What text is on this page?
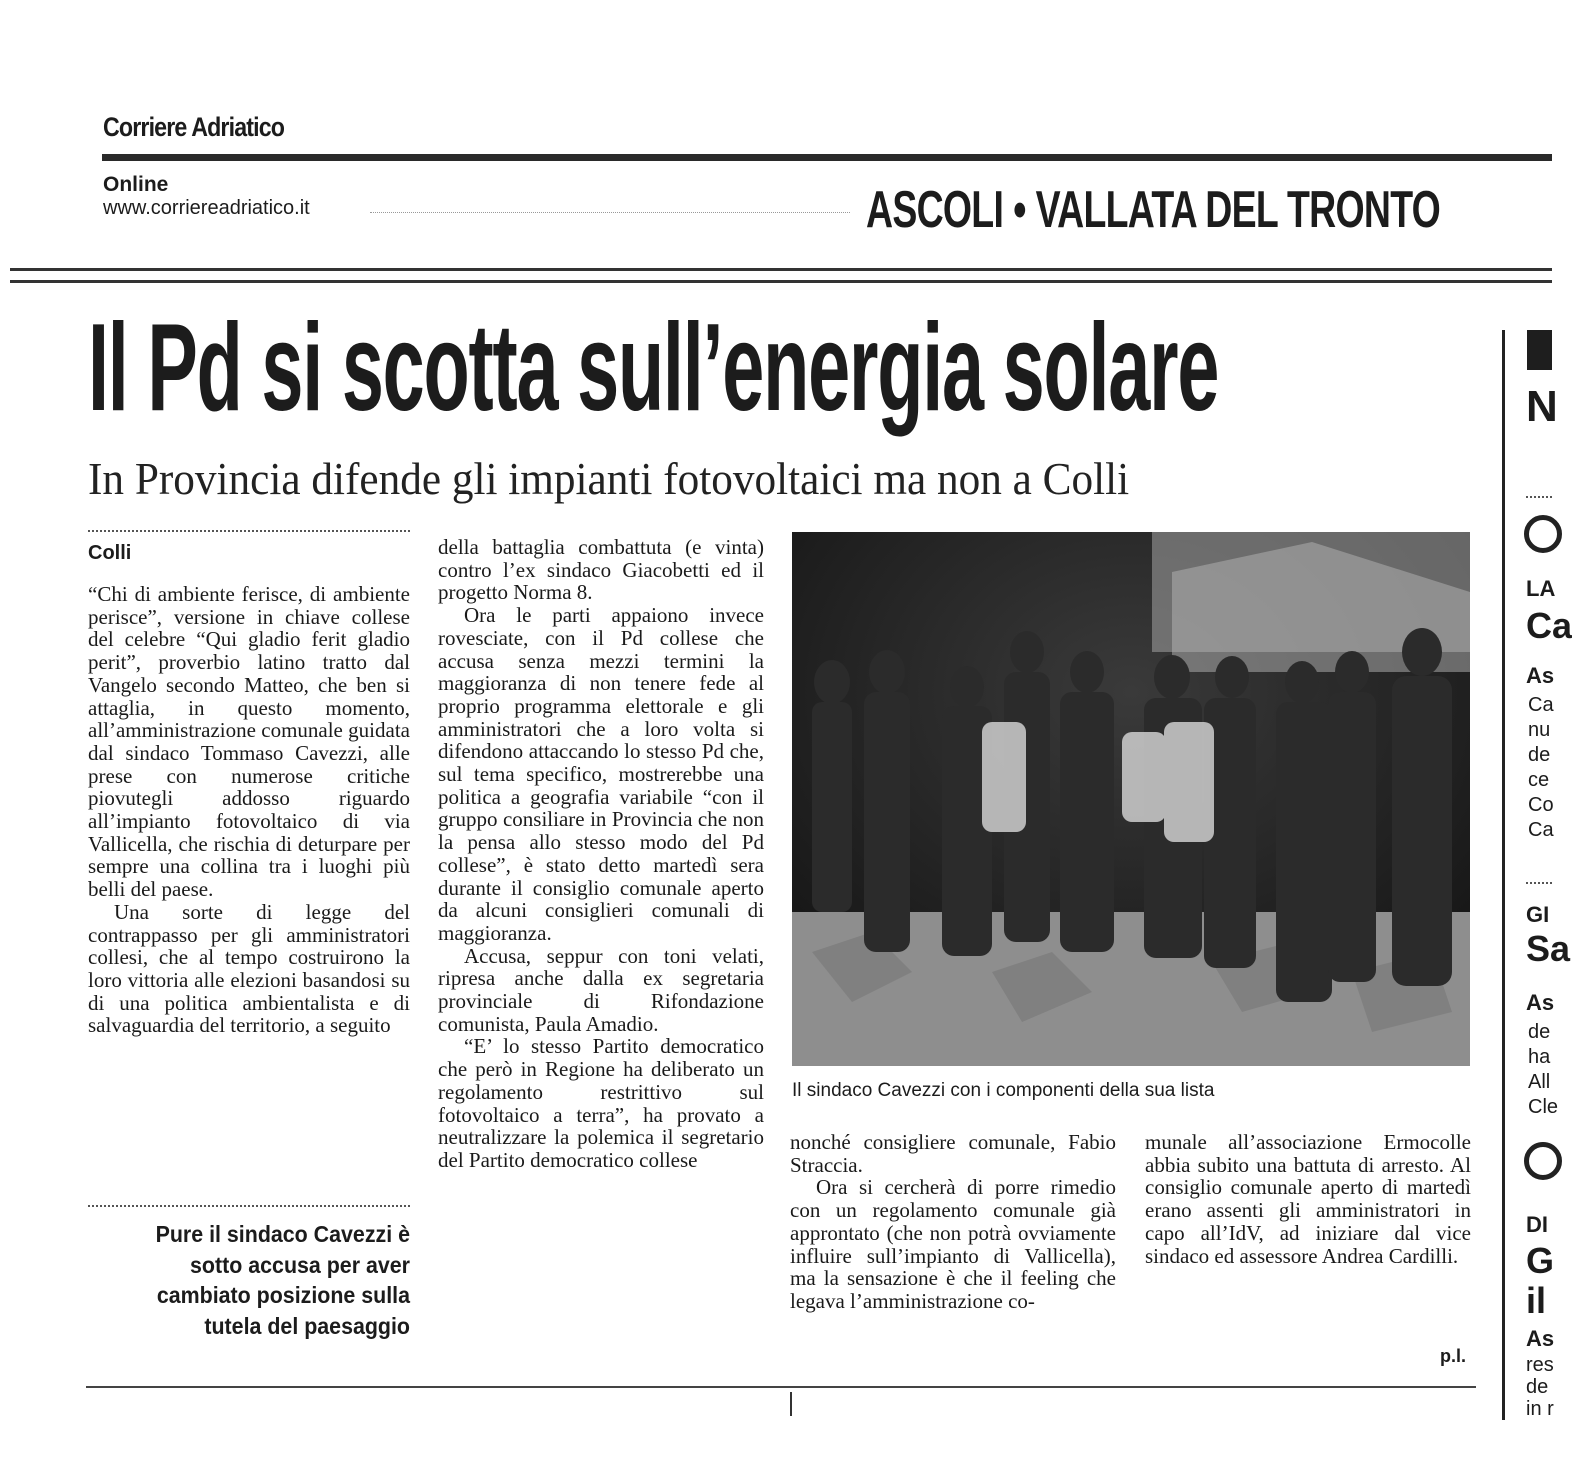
Corriere Adriatico
Online
www.corriereadriatico.it	ASCOLI • VALLATA DEL TRONTO
Il Pd si scotta sull’energia solare
In Provincia difende gli impianti fotovoltaici ma non a Colli
Colli

“Chi di ambiente ferisce, di ambiente perisce”, versione in chiave collese del celebre “Qui gladio ferit gladio perit”, proverbio latino tratto dal Vangelo secondo Matteo, che ben si attaglia, in questo momento, all’amministrazione comunale guidata dal sindaco Tommaso Cavezzi, alle prese con numerose critiche piovutegli addosso riguardo all’impianto fotovoltaico di via Vallicella, che rischia di deturpare per sempre una collina tra i luoghi più belli del paese.

Una sorte di legge del contrappasso per gli amministratori collesi, che al tempo costruirono la loro vittoria alle elezioni basandosi su di una politica ambientalista e di salvaguardia del territorio, a seguito

Pure il sindaco Cavezzi è sotto accusa per aver cambiato posizione sulla tutela del paesaggio

della battaglia combattuta (e vinta) contro l’ex sindaco Giacobetti ed il progetto Norma 8.

Ora le parti appaiono invece rovesciate, con il Pd collese che accusa senza mezzi termini la maggioranza di non tenere fede al proprio programma elettorale e gli amministratori che a loro volta si difendono attaccando lo stesso Pd che, sul tema specifico, mostrerebbe una politica a geografia variabile “con il gruppo consiliare in Provincia che non la pensa allo stesso modo del Pd collese”, è stato detto martedì sera durante il consiglio comunale aperto da alcuni consiglieri comunali di maggioranza.

Accusa, seppur con toni velati, ripresa anche dalla ex segretaria provinciale di Rifondazione comunista, Paula Amadio.

“E’ lo stesso Partito democratico che però in Regione ha deliberato un regolamento restrittivo sul fotovoltaico a terra”, ha provato a neutralizzare la polemica il segretario del Partito democratico collese

Il sindaco Cavezzi con i componenti della sua lista

nonché consigliere comunale, Fabio Straccia.

Ora si cercherà di porre rimedio con un regolamento comunale già approntato (che non potrà ovviamente influire sull’impianto di Vallicella), ma la sensazione è che il feeling che legava l’amministrazione co-

munale all’associazione Ermocolle abbia subito una battuta di arresto. Al consiglio comunale aperto di martedì erano assenti gli amministratori in capo all’IdV, ad iniziare dal vice sindaco ed assessore Andrea Cardilli.

p.l.
N
LA
Ca
As
Ca
nu
de
ce
Co
Ca
GI
Sa
As
de
ha
All
Cle
DI
G
il
As
res
de
in r
